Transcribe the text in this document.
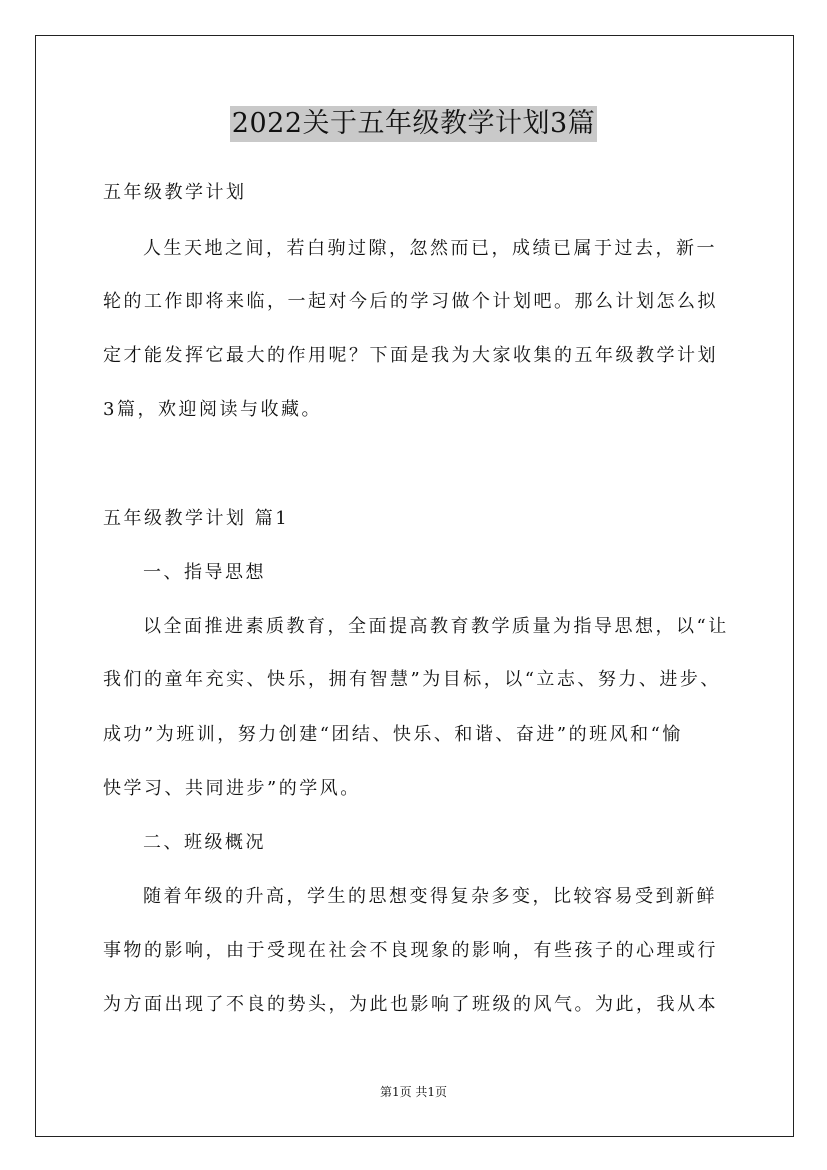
2022关于五年级教学计划3篇
五年级教学计划
人生天地之间，若白驹过隙，忽然而已，成绩已属于过去，新一
轮的工作即将来临，一起对今后的学习做个计划吧。那么计划怎么拟
定才能发挥它最大的作用呢？下面是我为大家收集的五年级教学计划
3篇，欢迎阅读与收藏。
五年级教学计划 篇1
一、指导思想
以全面推进素质教育，全面提高教育教学质量为指导思想，以“让
我们的童年充实、快乐，拥有智慧”为目标，以“立志、努力、进步、
成功”为班训，努力创建“团结、快乐、和谐、奋进”的班风和“愉
快学习、共同进步”的学风。
二、班级概况
随着年级的升高，学生的思想变得复杂多变，比较容易受到新鲜
事物的影响，由于受现在社会不良现象的影响，有些孩子的心理或行
为方面出现了不良的势头，为此也影响了班级的风气。为此，我从本
第1页 共1页
